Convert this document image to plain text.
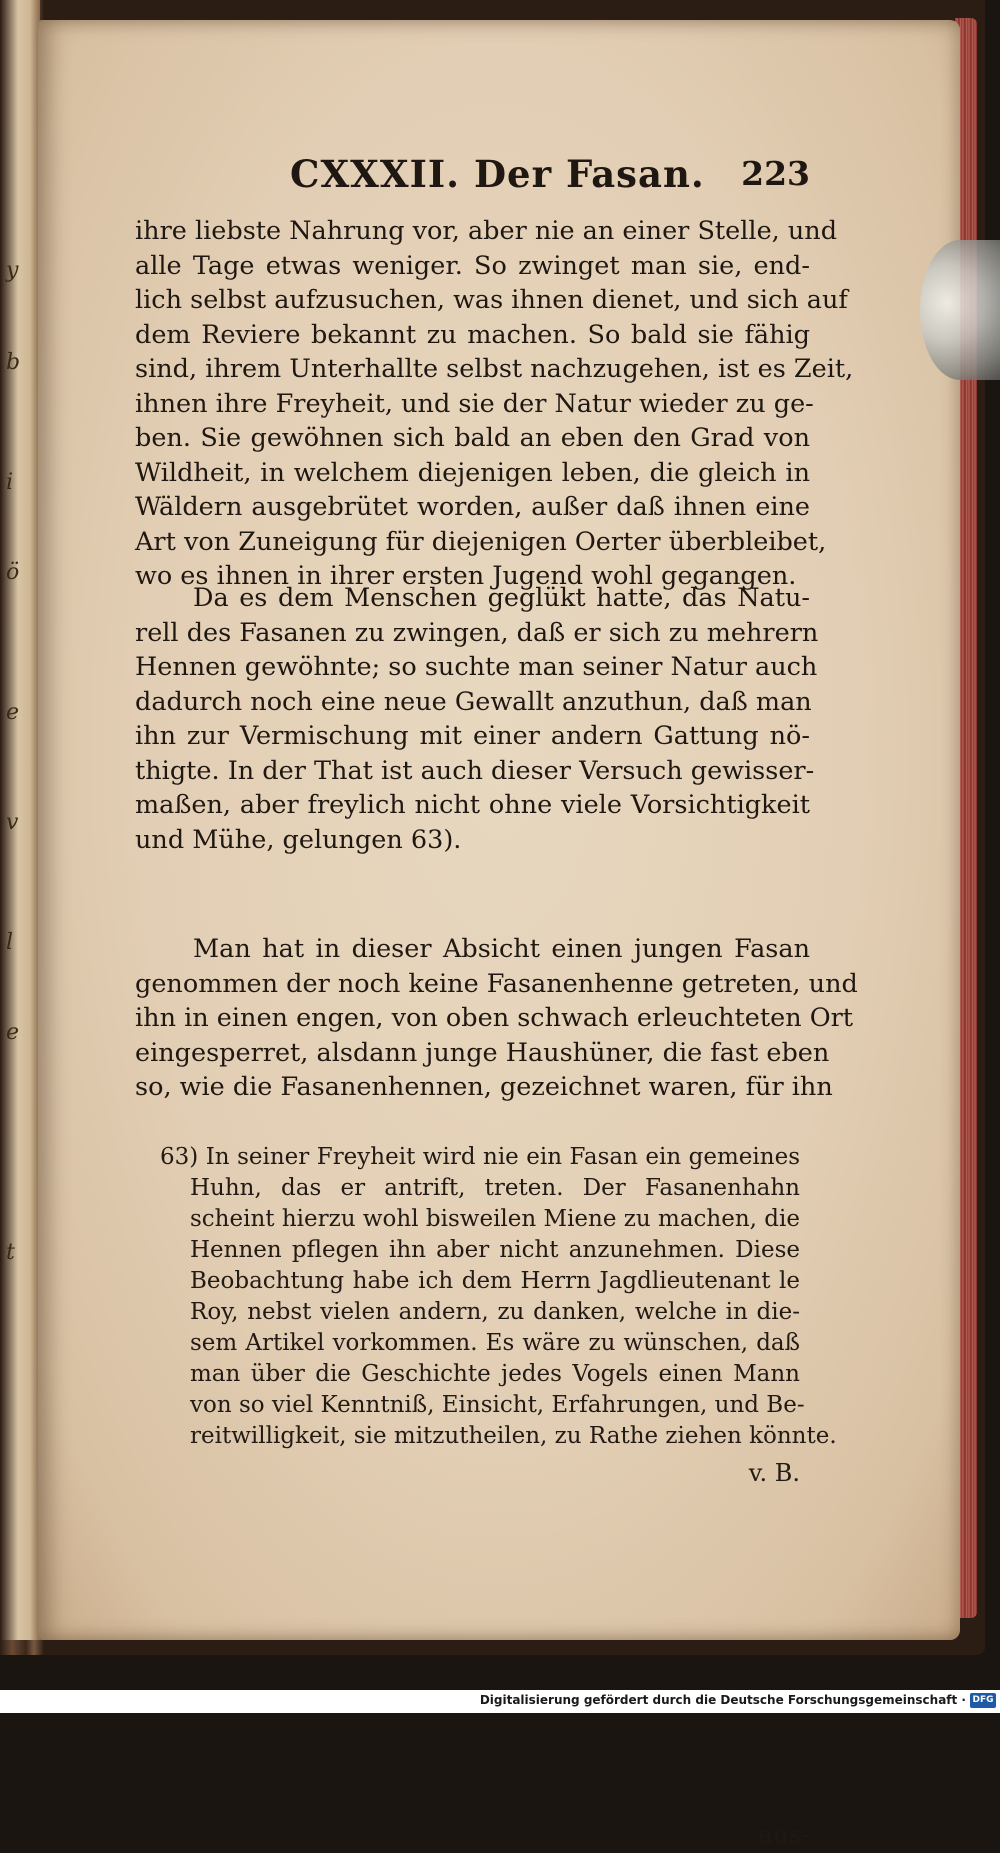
y
b
i
ö
e
v
l
e
t
CXXXII. Der Fasan. 223
ihre liebste Nahrung vor, aber nie an einer Stelle, und
alle Tage etwas weniger. So zwinget man sie, end-
lich selbst aufzusuchen, was ihnen dienet, und sich auf
dem Reviere bekannt zu machen. So bald sie fähig
sind, ihrem Unterhallte selbst nachzugehen, ist es Zeit,
ihnen ihre Freyheit, und sie der Natur wieder zu ge-
ben. Sie gewöhnen sich bald an eben den Grad von
Wildheit, in welchem diejenigen leben, die gleich in
Wäldern ausgebrütet worden, außer daß ihnen eine
Art von Zuneigung für diejenigen Oerter überbleibet,
wo es ihnen in ihrer ersten Jugend wohl gegangen.
Da es dem Menschen geglükt hatte, das Natu-
rell des Fasanen zu zwingen, daß er sich zu mehrern
Hennen gewöhnte; so suchte man seiner Natur auch
dadurch noch eine neue Gewallt anzuthun, daß man
ihn zur Vermischung mit einer andern Gattung nö-
thigte. In der That ist auch dieser Versuch gewisser-
maßen, aber freylich nicht ohne viele Vorsichtigkeit
und Mühe, gelungen 63).
Man hat in dieser Absicht einen jungen Fasan
genommen der noch keine Fasanenhenne getreten, und
ihn in einen engen, von oben schwach erleuchteten Ort
eingesperret, alsdann junge Haushüner, die fast eben
so, wie die Fasanenhennen, gezeichnet waren, für ihn
aus-
63) In seiner Freyheit wird nie ein Fasan ein gemeines
Huhn, das er antrift, treten. Der Fasanenhahn
scheint hierzu wohl bisweilen Miene zu machen, die
Hennen pflegen ihn aber nicht anzunehmen. Diese
Beobachtung habe ich dem Herrn Jagdlieutenant le
Roy, nebst vielen andern, zu danken, welche in die-
sem Artikel vorkommen. Es wäre zu wünschen, daß
man über die Geschichte jedes Vogels einen Mann
von so viel Kenntniß, Einsicht, Erfahrungen, und Be-
reitwilligkeit, sie mitzutheilen, zu Rathe ziehen könnte.
v. B.
Digitalisierung gefördert durch die Deutsche Forschungsgemeinschaft · DFG
